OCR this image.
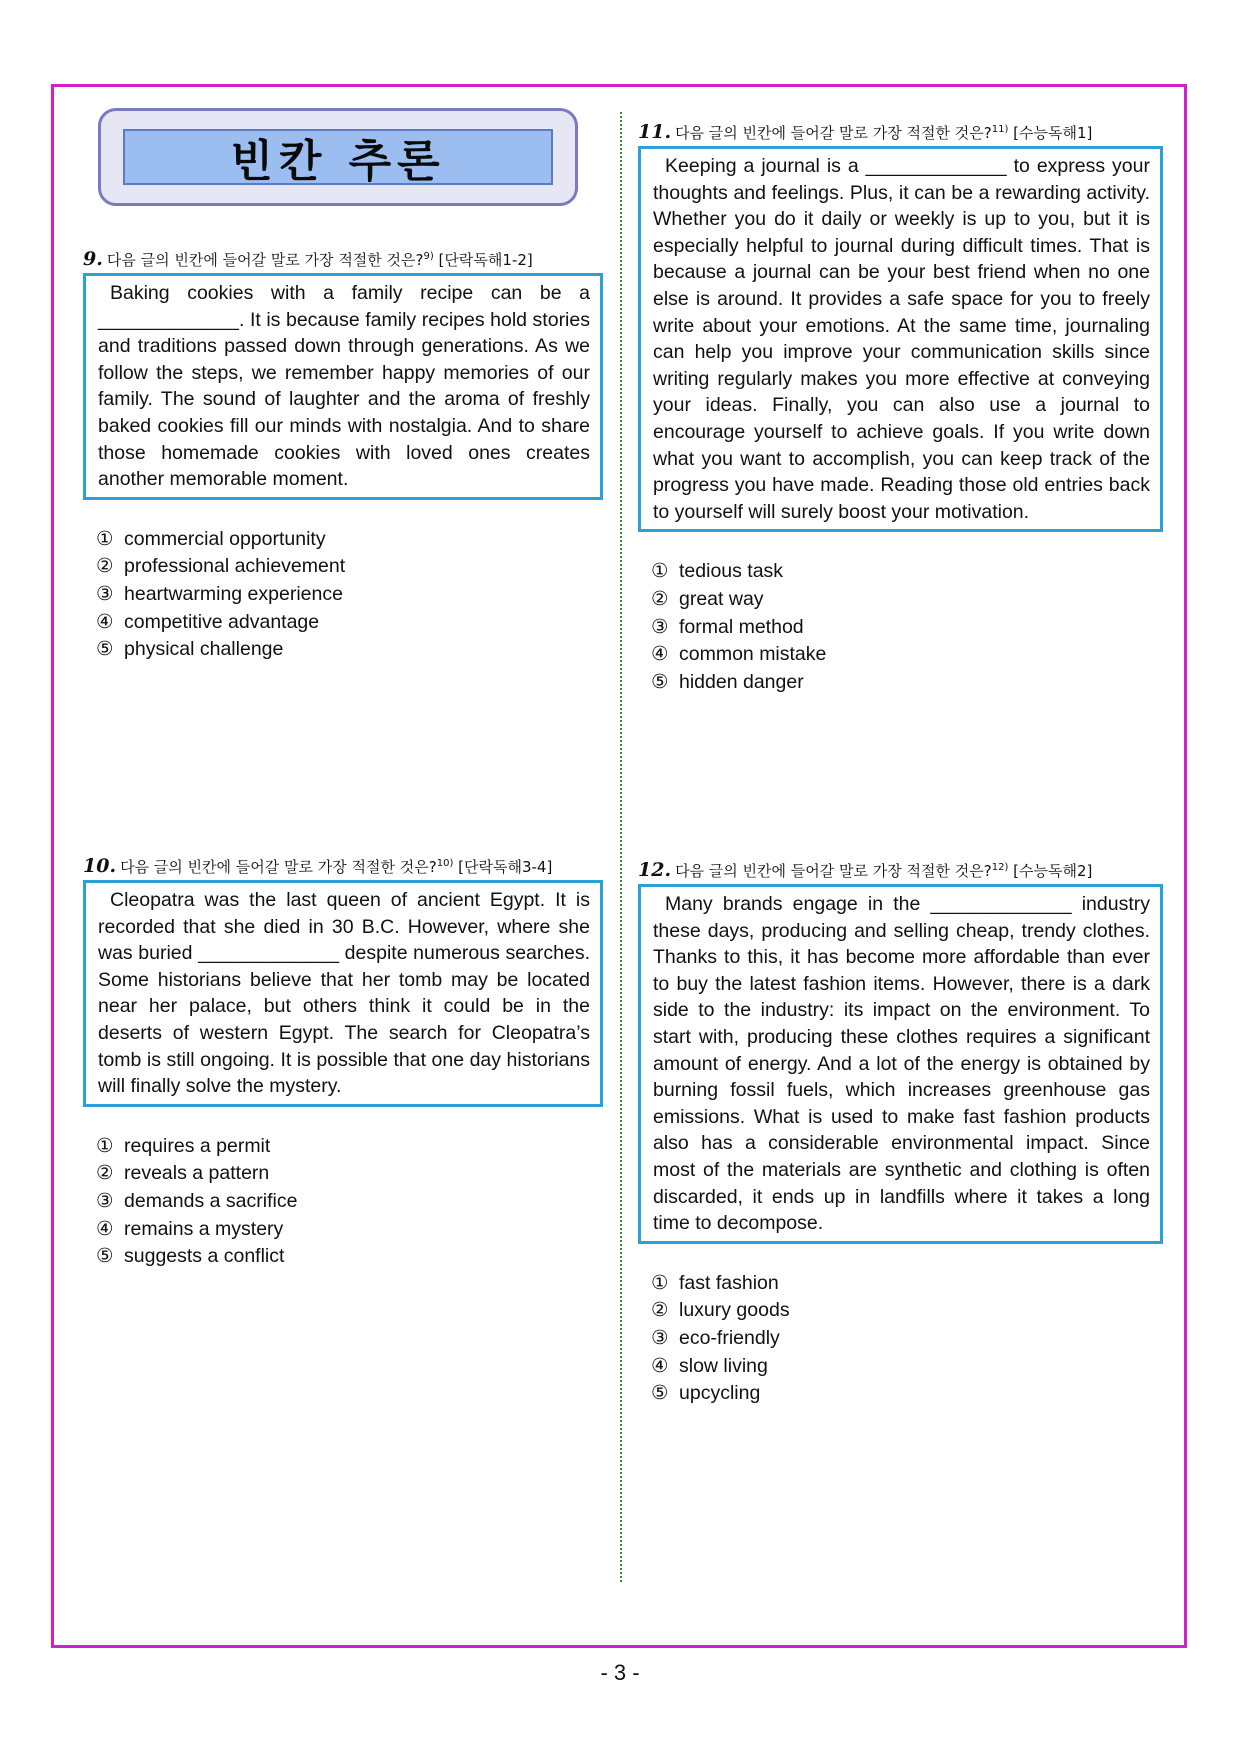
빈칸 추론
9. 다음 글의 빈칸에 들어갈 말로 가장 적절한 것은?$^{9)}$ [단락독해1-2]
Baking cookies with a family recipe can be a _____________. It is because family recipes hold stories and traditions passed down through generations. As we follow the steps, we remember happy memories of our family. The sound of laughter and the aroma of freshly baked cookies fill our minds with nostalgia. And to share those homemade cookies with loved ones creates another memorable moment.
① commercial opportunity
② professional achievement
③ heartwarming experience
④ competitive advantage
⑤ physical challenge
10. 다음 글의 빈칸에 들어갈 말로 가장 적절한 것은?$^{10)}$ [단락독해3-4]
Cleopatra was the last queen of ancient Egypt. It is recorded that she died in 30 B.C. However, where she was buried _____________ despite numerous searches. Some historians believe that her tomb may be located near her palace, but others think it could be in the deserts of western Egypt. The search for Cleopatra’s tomb is still ongoing. It is possible that one day historians will finally solve the mystery.
① requires a permit
② reveals a pattern
③ demands a sacrifice
④ remains a mystery
⑤ suggests a conflict
11. 다음 글의 빈칸에 들어갈 말로 가장 적절한 것은?$^{11)}$ [수능독해1]
Keeping a journal is a _____________ to express your thoughts and feelings. Plus, it can be a rewarding activity. Whether you do it daily or weekly is up to you, but it is especially helpful to journal during difficult times. That is because a journal can be your best friend when no one else is around. It provides a safe space for you to freely write about your emotions. At the same time, journaling can help you improve your communication skills since writing regularly makes you more effective at conveying your ideas. Finally, you can also use a journal to encourage yourself to achieve goals. If you write down what you want to accomplish, you can keep track of the progress you have made. Reading those old entries back to yourself will surely boost your motivation.
① tedious task
② great way
③ formal method
④ common mistake
⑤ hidden danger
12. 다음 글의 빈칸에 들어갈 말로 가장 적절한 것은?$^{12)}$ [수능독해2]
Many brands engage in the _____________ industry these days, producing and selling cheap, trendy clothes. Thanks to this, it has become more affordable than ever to buy the latest fashion items. However, there is a dark side to the industry: its impact on the environment. To start with, producing these clothes requires a significant amount of energy. And a lot of the energy is obtained by burning fossil fuels, which increases greenhouse gas emissions. What is used to make fast fashion products also has a considerable environmental impact. Since most of the materials are synthetic and clothing is often discarded, it ends up in landfills where it takes a long time to decompose.
① fast fashion
② luxury goods
③ eco-friendly
④ slow living
⑤ upcycling
- 3 -
